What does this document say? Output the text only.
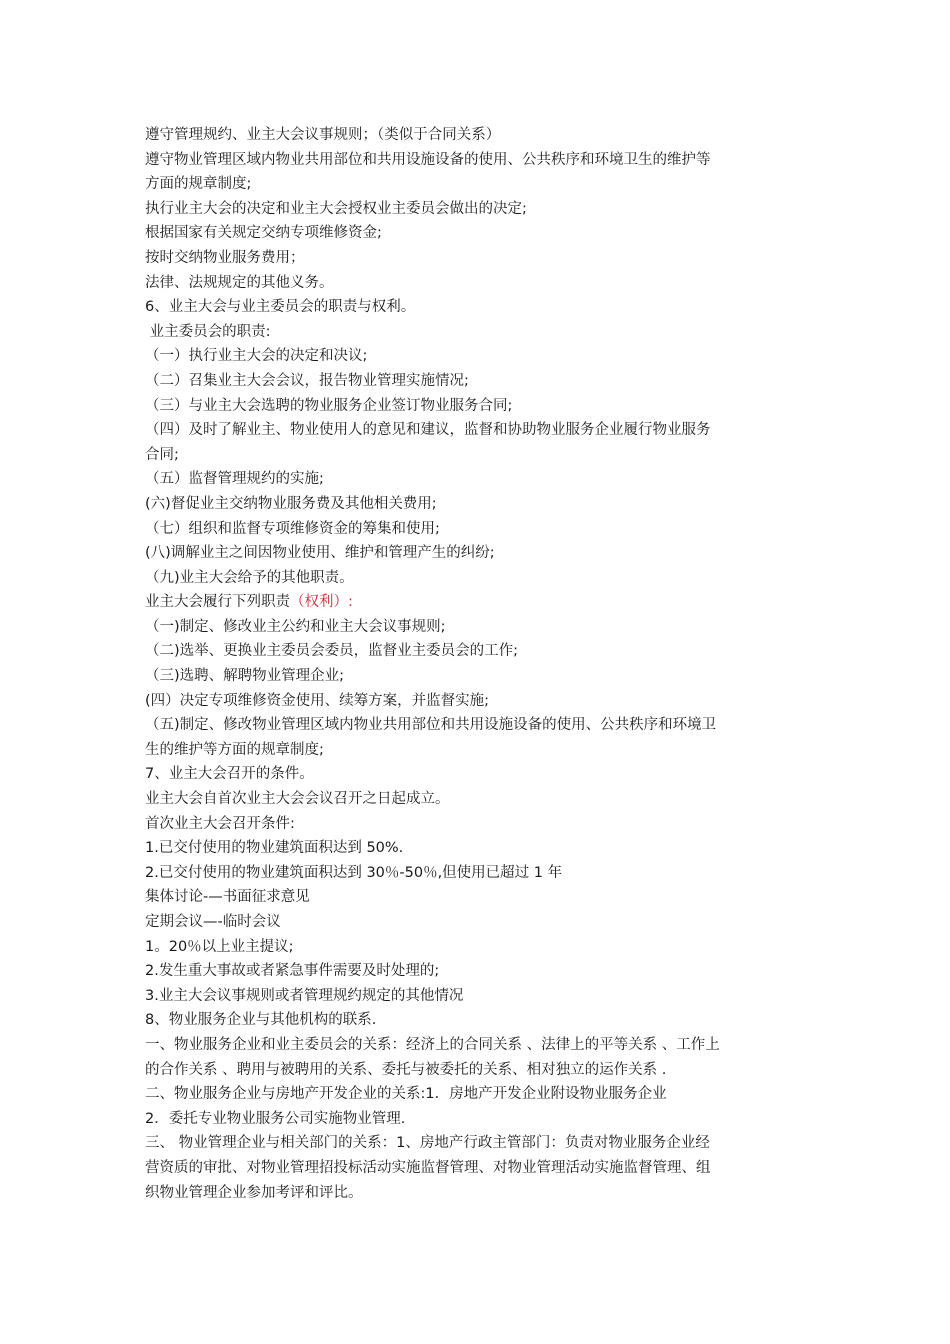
遵守管理规约、业主大会议事规则；（类似于合同关系）
遵守物业管理区域内物业共用部位和共用设施设备的使用、公共秩序和环境卫生的维护等
方面的规章制度;
执行业主大会的决定和业主大会授权业主委员会做出的决定;
根据国家有关规定交纳专项维修资金;
按时交纳物业服务费用；
法律、法规规定的其他义务。
6、业主大会与业主委员会的职责与权利。
业主委员会的职责:
（一）执行业主大会的决定和决议;
（二）召集业主大会会议，报告物业管理实施情况;
（三）与业主大会选聘的物业服务企业签订物业服务合同;
（四）及时了解业主、物业使用人的意见和建议，监督和协助物业服务企业履行物业服务
合同;
（五）监督管理规约的实施;
(六)督促业主交纳物业服务费及其他相关费用;
（七）组织和监督专项维修资金的筹集和使用;
(八)调解业主之间因物业使用、维护和管理产生的纠纷;
（九)业主大会给予的其他职责。
业主大会履行下列职责（权利）:
（一)制定、修改业主公约和业主大会议事规则;
（二)选举、更换业主委员会委员，监督业主委员会的工作;
（三)选聘、解聘物业管理企业;
(四）决定专项维修资金使用、续筹方案，并监督实施;
（五)制定、修改物业管理区域内物业共用部位和共用设施设备的使用、公共秩序和环境卫
生的维护等方面的规章制度;
7、业主大会召开的条件。
业主大会自首次业主大会会议召开之日起成立。
首次业主大会召开条件:
1.已交付使用的物业建筑面积达到 50%.
2.已交付使用的物业建筑面积达到 30％-50％,但使用已超过 1 年
集体讨论-—书面征求意见
定期会议—-临时会议
1。20％以上业主提议;
2.发生重大事故或者紧急事件需要及时处理的;
3.业主大会议事规则或者管理规约规定的其他情况
8、物业服务企业与其他机构的联系.
一、物业服务企业和业主委员会的关系：经济上的合同关系 、法律上的平等关系 、工作上
的合作关系 、聘用与被聘用的关系、委托与被委托的关系、相对独立的运作关系 .
二、物业服务企业与房地产开发企业的关系:1．房地产开发企业附设物业服务企业
2．委托专业物业服务公司实施物业管理.
三、 物业管理企业与相关部门的关系：1、房地产行政主管部门：负责对物业服务企业经
营资质的审批、对物业管理招投标活动实施监督管理、对物业管理活动实施监督管理、组
织物业管理企业参加考评和评比。
